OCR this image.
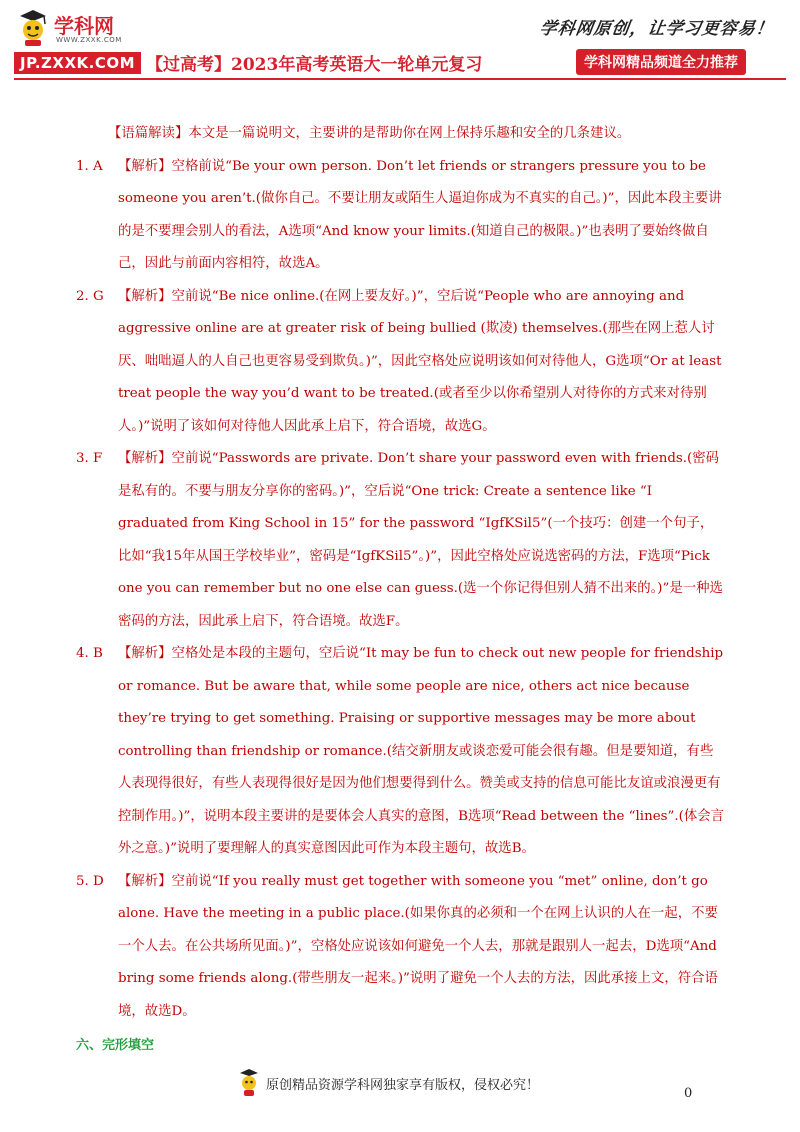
学科网
WWW.ZXXK.COM
JP.ZXXK.COM 【过高考】2023年高考英语大一轮单元复习
学科网原创，让学习更容易！
学科网精品频道全力推荐

【语篇解读】本文是一篇说明文，主要讲的是帮助你在网上保持乐趣和安全的几条建议。

1. A 【解析】空格前说“Be your own person. Don’t let friends or strangers pressure you to be someone you aren’t.(做你自己。不要让朋友或陌生人逼迫你成为不真实的自己。)”，因此本段主要讲的是不要理会别人的看法，A选项“And know your limits.(知道自己的极限。)”也表明了要始终做自己，因此与前面内容相符，故选A。

2. G 【解析】空前说“Be nice online.(在网上要友好。)”，空后说“People who are annoying and aggressive online are at greater risk of being bullied (欺凌) themselves.(那些在网上惹人讨厌、咄咄逼人的人自己也更容易受到欺负。)”，因此空格处应说明该如何对待他人，G选项“Or at least treat people the way you’d want to be treated.(或者至少以你希望别人对待你的方式来对待别人。)”说明了该如何对待他人因此承上启下，符合语境，故选G。

3. F 【解析】空前说“Passwords are private. Don’t share your password even with friends.(密码是私有的。不要与朋友分享你的密码。)”，空后说“One trick: Create a sentence like “I graduated from King School in 15” for the password “IgfKSil5”(一个技巧：创建一个句子，比如“我15年从国王学校毕业”，密码是“IgfKSil5”。)”，因此空格处应说选密码的方法，F选项“Pick one you can remember but no one else can guess.(选一个你记得但别人猜不出来的。)”是一种选密码的方法，因此承上启下，符合语境。故选F。

4. B 【解析】空格处是本段的主题句，空后说“It may be fun to check out new people for friendship or romance. But be aware that, while some people are nice, others act nice because they’re trying to get something. Praising or supportive messages may be more about controlling than friendship or romance.(结交新朋友或谈恋爱可能会很有趣。但是要知道，有些人表现得很好，有些人表现得很好是因为他们想要得到什么。赞美或支持的信息可能比友谊或浪漫更有控制作用。)”，说明本段主要讲的是要体会人真实的意图，B选项“Read between the “lines”.(体会言外之意。)”说明了要理解人的真实意图因此可作为本段主题句，故选B。

5. D 【解析】空前说“If you really must get together with someone you “met” online, don’t go alone. Have the meeting in a public place.(如果你真的必须和一个在网上认识的人在一起，不要一个人去。在公共场所见面。)”，空格处应说该如何避免一个人去，那就是跟别人一起去，D选项“And bring some friends along.(带些朋友一起来。)”说明了避免一个人去的方法，因此承接上文，符合语境，故选D。

六、完形填空

原创精品资源学科网独家享有版权，侵权必究！
0
